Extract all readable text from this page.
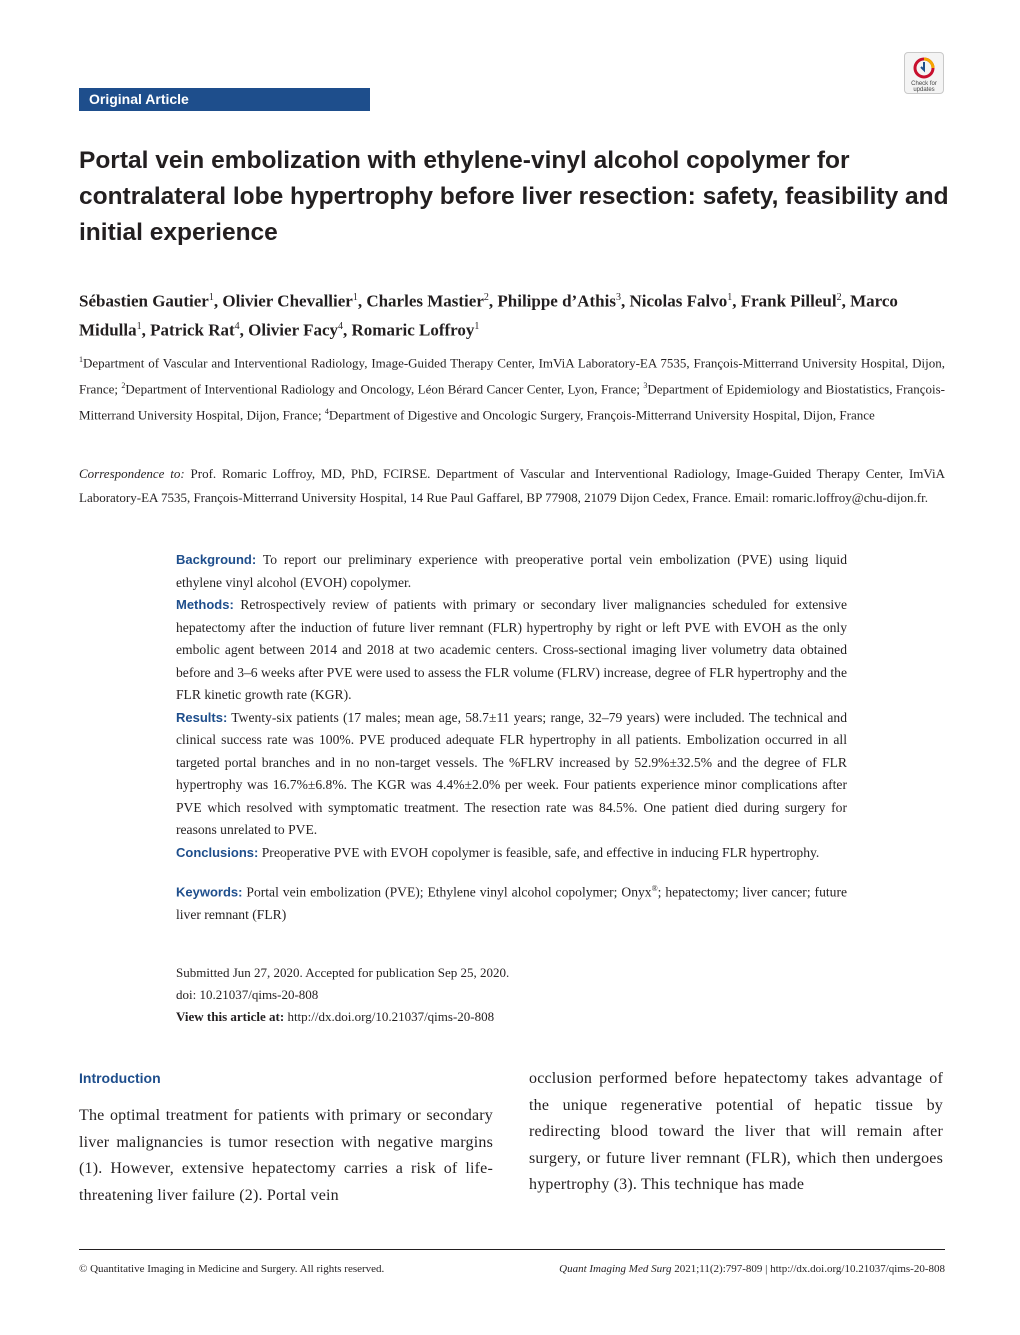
Original Article
Check for
updates
Portal vein embolization with ethylene-vinyl alcohol copolymer for contralateral lobe hypertrophy before liver resection: safety, feasibility and initial experience
Sébastien Gautier$^1$, Olivier Chevallier$^1$, Charles Mastier$^2$, Philippe d’Athis$^3$, Nicolas Falvo$^1$, Frank Pilleul$^2$, Marco Midulla$^1$, Patrick Rat$^4$, Olivier Facy$^4$, Romaric Loffroy$^1$
$^1$Department of Vascular and Interventional Radiology, Image-Guided Therapy Center, ImViA Laboratory-EA 7535, François-Mitterrand University Hospital, Dijon, France; $^2$Department of Interventional Radiology and Oncology, Léon Bérard Cancer Center, Lyon, France; $^3$Department of Epidemiology and Biostatistics, François-Mitterrand University Hospital, Dijon, France; $^4$Department of Digestive and Oncologic Surgery, François-Mitterrand University Hospital, Dijon, France
Correspondence to: Prof. Romaric Loffroy, MD, PhD, FCIRSE. Department of Vascular and Interventional Radiology, Image-Guided Therapy Center, ImViA Laboratory-EA 7535, François-Mitterrand University Hospital, 14 Rue Paul Gaffarel, BP 77908, 21079 Dijon Cedex, France. Email: romaric.loffroy@chu-dijon.fr.

Background: To report our preliminary experience with preoperative portal vein embolization (PVE) using liquid ethylene vinyl alcohol (EVOH) copolymer.

Methods: Retrospectively review of patients with primary or secondary liver malignancies scheduled for extensive hepatectomy after the induction of future liver remnant (FLR) hypertrophy by right or left PVE with EVOH as the only embolic agent between 2014 and 2018 at two academic centers. Cross-sectional imaging liver volumetry data obtained before and 3–6 weeks after PVE were used to assess the FLR volume (FLRV) increase, degree of FLR hypertrophy and the FLR kinetic growth rate (KGR).

Results: Twenty-six patients (17 males; mean age, 58.7±11 years; range, 32–79 years) were included. The technical and clinical success rate was 100%. PVE produced adequate FLR hypertrophy in all patients. Embolization occurred in all targeted portal branches and in no non-target vessels. The %FLRV increased by 52.9%±32.5% and the degree of FLR hypertrophy was 16.7%±6.8%. The KGR was 4.4%±2.0% per week. Four patients experience minor complications after PVE which resolved with symptomatic treatment. The resection rate was 84.5%. One patient died during surgery for reasons unrelated to PVE.

Conclusions: Preoperative PVE with EVOH copolymer is feasible, safe, and effective in inducing FLR hypertrophy.

Keywords: Portal vein embolization (PVE); Ethylene vinyl alcohol copolymer; Onyx®; hepatectomy; liver cancer; future liver remnant (FLR)

Submitted Jun 27, 2020. Accepted for publication Sep 25, 2020.

doi: 10.21037/qims-20-808

View this article at: http://dx.doi.org/10.21037/qims-20-808

Introduction
The optimal treatment for patients with primary or secondary liver malignancies is tumor resection with negative margins (1). However, extensive hepatectomy carries a risk of life-threatening liver failure (2). Portal vein
occlusion performed before hepatectomy takes advantage of the unique regenerative potential of hepatic tissue by redirecting blood toward the liver that will remain after surgery, or future liver remnant (FLR), which then undergoes hypertrophy (3). This technique has made
© Quantitative Imaging in Medicine and Surgery. All rights reserved.	Quant Imaging Med Surg 2021;11(2):797-809 | http://dx.doi.org/10.21037/qims-20-808
